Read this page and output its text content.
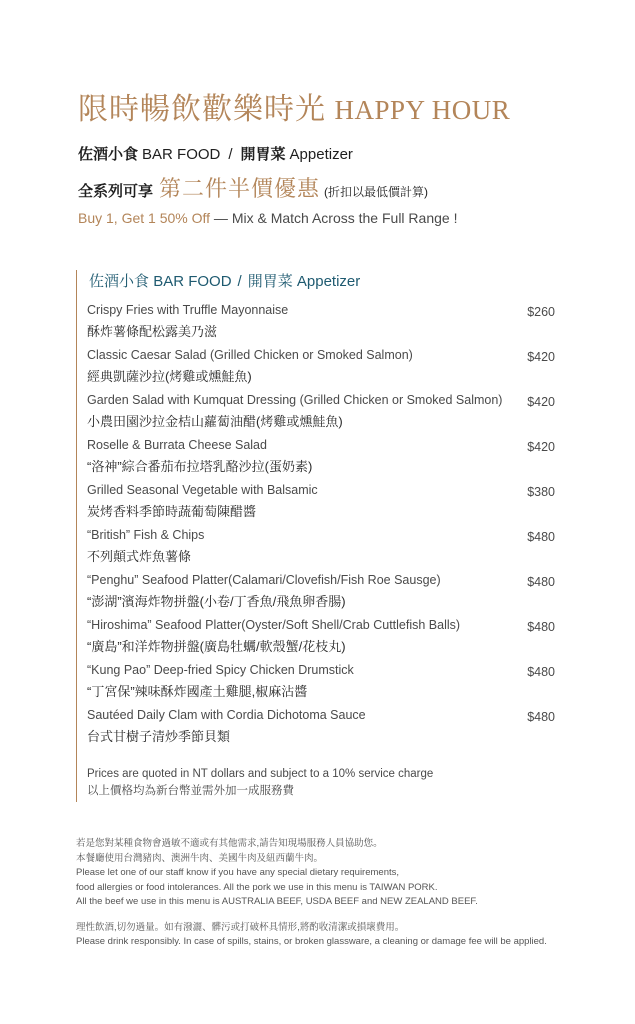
限時暢飲歡樂時光 HAPPY HOUR
佐酒小食 BAR FOOD / 開胃菜 Appetizer
全系列可享 第二件半價優惠 (折扣以最低價計算)
Buy 1, Get 1 50% Off — Mix & Match Across the Full Range !
佐酒小食 BAR FOOD / 開胃菜 Appetizer
Crispy Fries with Truffle Mayonnaise
酥炸薯條配松露美乃滋
$260
Classic Caesar Salad (Grilled Chicken or Smoked Salmon)
經典凱薩沙拉(烤雞或燻鮭魚)
$420
Garden Salad with Kumquat Dressing (Grilled Chicken or Smoked Salmon)
小農田園沙拉金桔山蘿蔔油醋(烤雞或燻鮭魚)
$420
Roselle & Burrata Cheese Salad
“洛神”綜合番茄布拉塔乳酪沙拉(蛋奶素)
$420
Grilled Seasonal Vegetable with Balsamic
炭烤香料季節時蔬葡萄陳醋醬
$380
“British” Fish & Chips
不列顛式炸魚薯條
$480
“Penghu” Seafood Platter(Calamari/Clovefish/Fish Roe Sausge)
“澎湖”濱海炸物拼盤(小卷/丁香魚/飛魚卵香腸)
$480
“Hiroshima” Seafood Platter(Oyster/Soft Shell/Crab Cuttlefish Balls)
“廣島”和洋炸物拼盤(廣島牡蠣/軟殼蟹/花枝丸)
$480
“Kung Pao” Deep-fried Spicy Chicken Drumstick
“丁宮保”辣味酥炸國產土雞腿,椒麻沾醬
$480
Sautéed Daily Clam with Cordia Dichotoma Sauce
台式甘樹子清炒季節貝類
$480
Prices are quoted in NT dollars and subject to a 10% service charge
以上價格均為新台幣並需外加一成服務費
若是您對某種食物會過敏不適或有其他需求,請告知現場服務人員協助您。
本餐廳使用台灣豬肉、澳洲牛肉、美國牛肉及紐西蘭牛肉。
Please let one of our staff know if you have any special dietary requirements,
food allergies or food intolerances. All the pork we use in this menu is TAIWAN PORK.
All the beef we use in this menu is AUSTRALIA BEEF, USDA BEEF and NEW ZEALAND BEEF.
理性飲酒,切勿過量。如有潑灑、髒污或打破杯具情形,將酌收清潔或損壞費用。
Please drink responsibly. In case of spills, stains, or broken glassware, a cleaning or damage fee will be applied.
